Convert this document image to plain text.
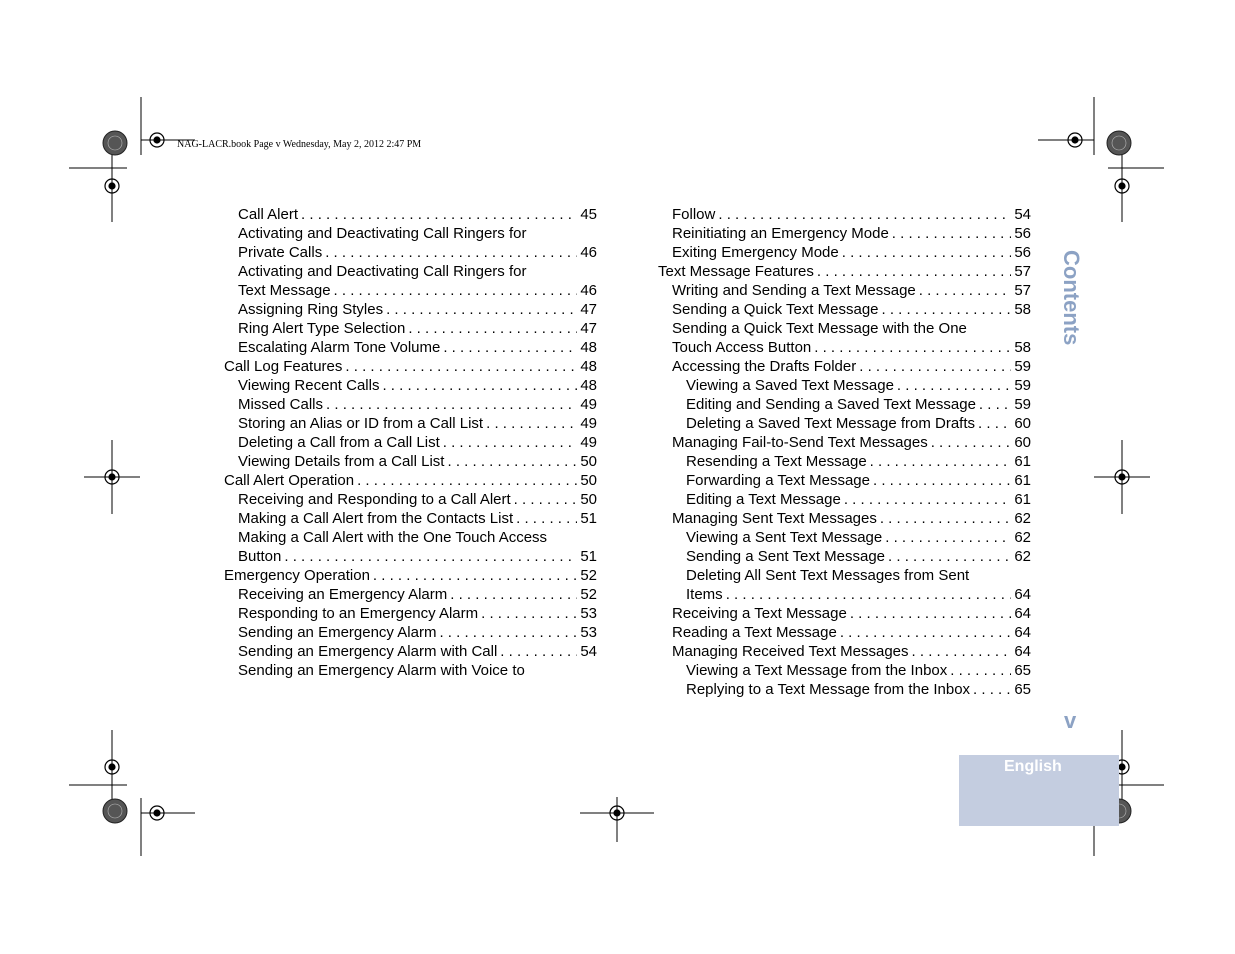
NAG-LACR.book Page v Wednesday, May 2, 2012 2:47 PM
Call Alert . . .	45
Activating and Deactivating Call Ringers for
Private Calls . . .	46
Activating and Deactivating Call Ringers for
Text Message . . .	46
Assigning Ring Styles . . .	47
Ring Alert Type Selection . . .	47
Escalating Alarm Tone Volume . . .	48
Call Log Features . . .	48
Viewing Recent Calls . . .	48
Missed Calls . . .	49
Storing an Alias or ID from a Call List . . .	49
Deleting a Call from a Call List . . .	49
Viewing Details from a Call List . . .	50
Call Alert Operation . . .	50
Receiving and Responding to a Call Alert . . .	50
Making a Call Alert from the Contacts List . . .	51
Making a Call Alert with the One Touch Access
Button . . .	51
Emergency Operation . . .	52
Receiving an Emergency Alarm . . .	52
Responding to an Emergency Alarm . . .	53
Sending an Emergency Alarm . . .	53
Sending an Emergency Alarm with Call . . .	54
Sending an Emergency Alarm with Voice to
Follow . . .	54
Reinitiating an Emergency Mode . . .	56
Exiting Emergency Mode . . .	56
Text Message Features . . .	57
Writing and Sending a Text Message . . .	57
Sending a Quick Text Message . . .	58
Sending a Quick Text Message with the One
Touch Access Button . . .	58
Accessing the Drafts Folder . . .	59
Viewing a Saved Text Message . . .	59
Editing and Sending a Saved Text Message . . .	59
Deleting a Saved Text Message from Drafts . . .	60
Managing Fail-to-Send Text Messages . . .	60
Resending a Text Message . . .	61
Forwarding a Text Message . . .	61
Editing a Text Message . . .	61
Managing Sent Text Messages . . .	62
Viewing a Sent Text Message . . .	62
Sending a Sent Text Message . . .	62
Deleting All Sent Text Messages from Sent
Items . . .	64
Receiving a Text Message . . .	64
Reading a Text Message . . .	64
Managing Received Text Messages . . .	64
Viewing a Text Message from the Inbox . . .	65
Replying to a Text Message from the Inbox . . .	65
Contents
v
English
